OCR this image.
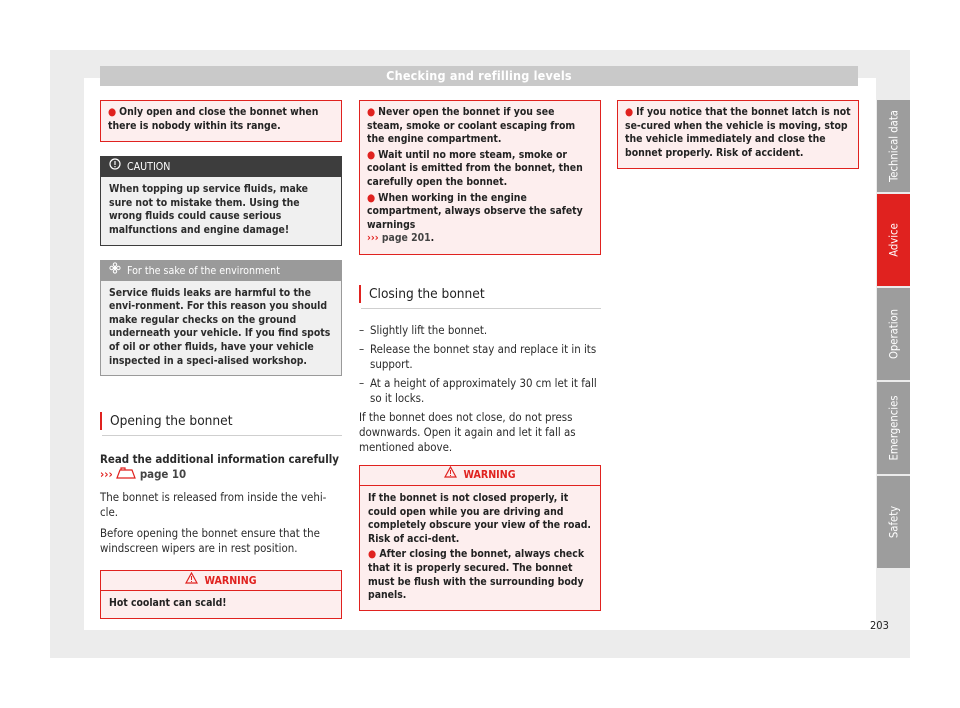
Checking and refilling levels
● Only open and close the bonnet when there is nobody within its range.
CAUTION
When topping up service fluids, make sure not to mistake them. Using the wrong fluids could cause serious malfunctions and engine damage!
For the sake of the environment
Service fluids leaks are harmful to the envi-ronment. For this reason you should make regular checks on the ground underneath your vehicle. If you find spots of oil or other fluids, have your vehicle inspected in a speci-alised workshop.
Opening the bonnet
Read the additional information carefully
››› page 10
The bonnet is released from inside the vehi-cle.
Before opening the bonnet ensure that the windscreen wipers are in rest position.
WARNING
Hot coolant can scald!
● Never open the bonnet if you see steam, smoke or coolant escaping from the engine compartment.
● Wait until no more steam, smoke or coolant is emitted from the bonnet, then carefully open the bonnet.
● When working in the engine compartment, always observe the safety warnings
››› page 201.
Closing the bonnet
– Slightly lift the bonnet.
– Release the bonnet stay and replace it in its support.
– At a height of approximately 30 cm let it fall so it locks.
If the bonnet does not close, do not press downwards. Open it again and let it fall as mentioned above.
WARNING
If the bonnet is not closed properly, it could open while you are driving and completely obscure your view of the road. Risk of acci-dent.
● After closing the bonnet, always check that it is properly secured. The bonnet must be flush with the surrounding body panels.
● If you notice that the bonnet latch is not se-cured when the vehicle is moving, stop the vehicle immediately and close the bonnet properly. Risk of accident.	Technical data
Advice
Operation
Emergencies
Safety
203
